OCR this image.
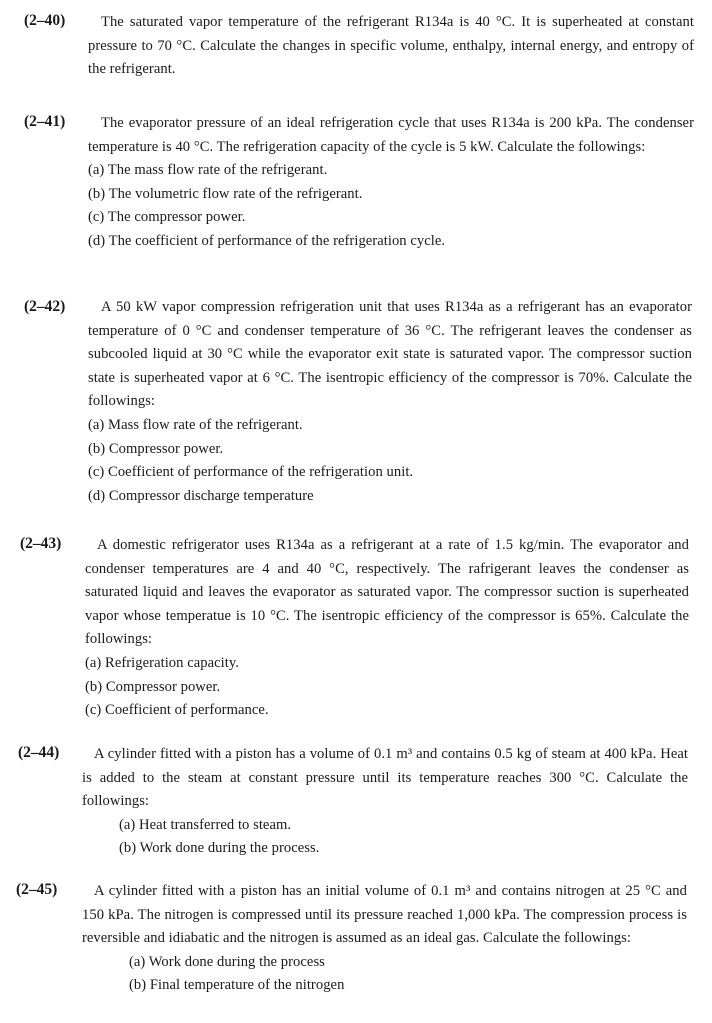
(2–40)	The saturated vapor temperature of the refrigerant R134a is 40 °C. It is superheated at constant pressure to 70 °C. Calculate the changes in specific volume, enthalpy, internal energy, and entropy of the refrigerant.
(2–41)	The evaporator pressure of an ideal refrigeration cycle that uses R134a is 200 kPa. The condenser temperature is 40 °C. The refrigeration capacity of the cycle is 5 kW. Calculate the followings:
(a) The mass flow rate of the refrigerant.
(b) The volumetric flow rate of the refrigerant.
(c) The compressor power.
(d) The coefficient of performance of the refrigeration cycle.
(2–42)	A 50 kW vapor compression refrigeration unit that uses R134a as a refrigerant has an evaporator temperature of 0 °C and condenser temperature of 36 °C. The refrigerant leaves the condenser as subcooled liquid at 30 °C while the evaporator exit state is saturated vapor. The compressor suction state is superheated vapor at 6 °C. The isentropic efficiency of the compressor is 70%. Calculate the followings:
(a) Mass flow rate of the refrigerant.
(b) Compressor power.
(c) Coefficient of performance of the refrigeration unit.
(d) Compressor discharge temperature
(2–43)	A domestic refrigerator uses R134a as a refrigerant at a rate of 1.5 kg/min. The evaporator and condenser temperatures are 4 and 40 °C, respectively. The rafrigerant leaves the condenser as saturated liquid and leaves the evaporator as saturated vapor. The compressor suction is superheated vapor whose temperatue is 10 °C. The isentropic efficiency of the compressor is 65%. Calculate the followings:
(a) Refrigeration capacity.
(b) Compressor power.
(c) Coefficient of performance.
(2–44)	A cylinder fitted with a piston has a volume of 0.1 m³ and contains 0.5 kg of steam at 400 kPa. Heat is added to the steam at constant pressure until its temperature reaches 300 °C. Calculate the followings:
(a) Heat transferred to steam.
(b) Work done during the process.
(2–45)	A cylinder fitted with a piston has an initial volume of 0.1 m³ and contains nitrogen at 25 °C and 150 kPa. The nitrogen is compressed until its pressure reached 1,000 kPa. The compression process is reversible and idiabatic and the nitrogen is assumed as an ideal gas. Calculate the followings:
(a) Work done during the process
(b) Final temperature of the nitrogen
